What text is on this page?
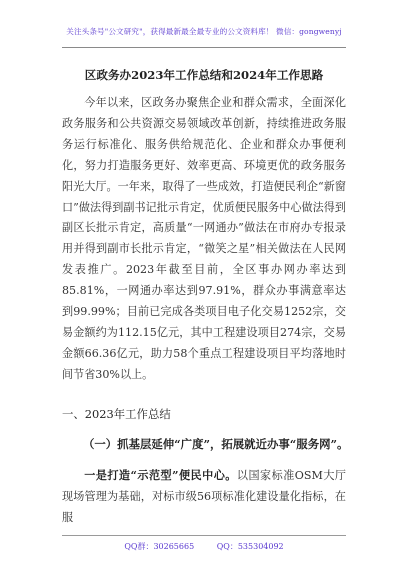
关注头条号"公文研究"，获得最新最全最专业的公文资料库！ 微信：gongwenyj
区政务办2023年工作总结和2024年工作思路

今年以来，区政务办聚焦企业和群众需求，全面深化政务服务和公共资源交易领域改革创新，持续推进政务服务运行标准化、服务供给规范化、企业和群众办事便利化，努力打造服务更好、效率更高、环境更优的政务服务阳光大厅。一年来，取得了一些成效，打造便民利企“新窗口”做法得到副书记批示肯定，优质便民服务中心做法得到副区长批示肯定，高质量“一网通办”做法在市府办专报录用并得到副市长批示肯定，“微笑之星”相关做法在人民网发表推广。2023年截至目前，全区事办网办率达到85.81%，一网通办率达到97.91%，群众办事满意率达到99.99%；目前已完成各类项目电子化交易1252宗，交易金额约为112.15亿元，其中工程建设项目274宗，交易金额66.36亿元，助力58个重点工程建设项目平均落地时间节省30%以上。

一、2023年工作总结
（一）抓基层延伸“广度”，拓展就近办事“服务网”。

一是打造“示范型”便民中心。以国家标准OSM大厅现场管理为基础，对标市级56项标准化建设量化指标，在服

QQ群：30265665	QQ：535304092
